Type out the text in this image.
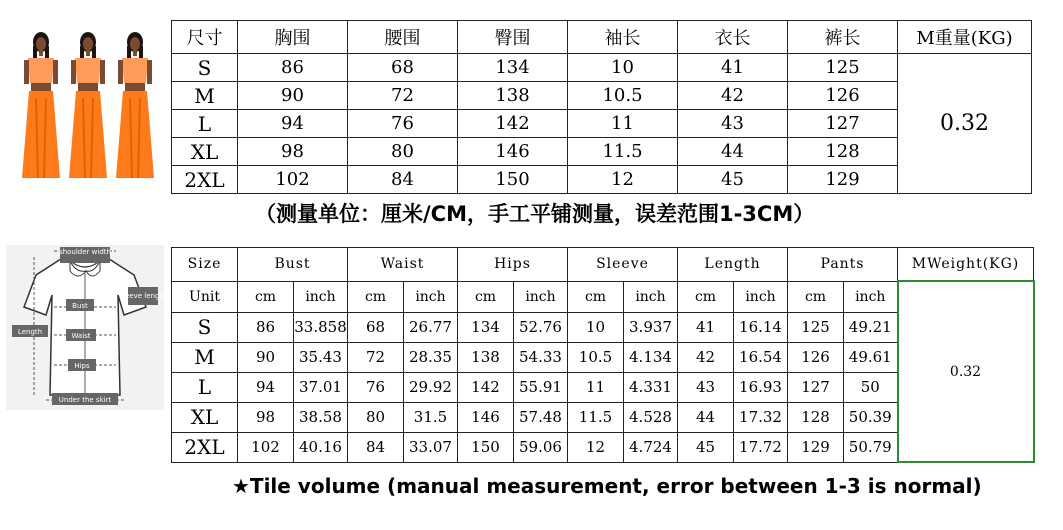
尺寸	胸围	腰围	臀围	袖长	衣长	裤长	M重量(KG)
S	86	68	134	10	41	125	0.32
M	90	72	138	10.5	42	126	
L	94	76	142	11	43	127	
XL	98	80	146	11.5	44	128	
2XL	102	84	150	12	45	129	
（测量单位：厘米/CM，手工平铺测量，误差范围1-3CM）
shoulder width
sleeve length
Bust
Waist
Hips
Length
Under the skirt
Size	Bust		Waist		Hips		Sleeve		Length		Pants		MWeight(KG)
Unit	cm	inch	cm	inch	cm	inch	cm	inch	cm	inch	cm	inch	0.32
S	86	33.858	68	26.77	134	52.76	10	3.937	41	16.14	125	49.21	
M	90	35.43	72	28.35	138	54.33	10.5	4.134	42	16.54	126	49.61	
L	94	37.01	76	29.92	142	55.91	11	4.331	43	16.93	127	50	
XL	98	38.58	80	31.5	146	57.48	11.5	4.528	44	17.32	128	50.39	
2XL	102	40.16	84	33.07	150	59.06	12	4.724	45	17.72	129	50.79	
★Tile volume (manual measurement, error between 1-3 is normal)
